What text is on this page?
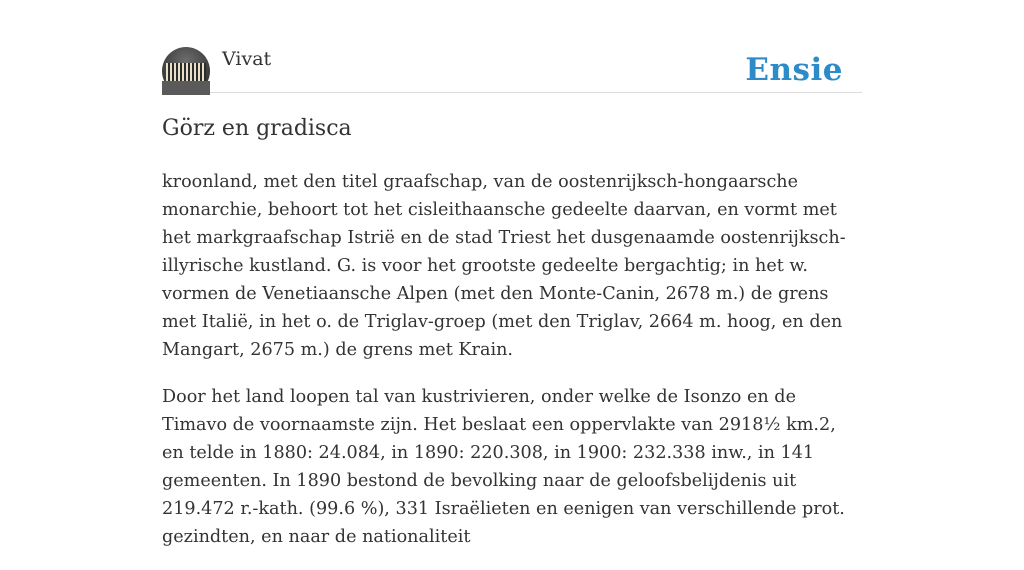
Vivat	Ensie
Görz en gradisca

kroonland, met den titel graafschap, van de oostenrijksch-hongaarsche monarchie, behoort tot het cisleithaansche gedeelte daarvan, en vormt met het markgraafschap Istrië en de stad Triest het dusgenaamde oostenrijksch-illyrische kustland. G. is voor het grootste gedeelte bergachtig; in het w. vormen de Venetiaansche Alpen (met den Monte-Canin, 2678 m.) de grens met Italië, in het o. de Triglav-groep (met den Triglav, 2664 m. hoog, en den Mangart, 2675 m.) de grens met Krain.

Door het land loopen tal van kustrivieren, onder welke de Isonzo en de Timavo de voornaamste zijn. Het beslaat een oppervlakte van 2918½ km.2, en telde in 1880: 24.084, in 1890: 220.308, in 1900: 232.338 inw., in 141 gemeenten. In 1890 bestond de bevolking naar de geloofsbelijdenis uit 219.472 r.-kath. (99.6 %), 331 Israëlieten en eenigen van verschillende prot. gezindten, en naar de nationaliteit
